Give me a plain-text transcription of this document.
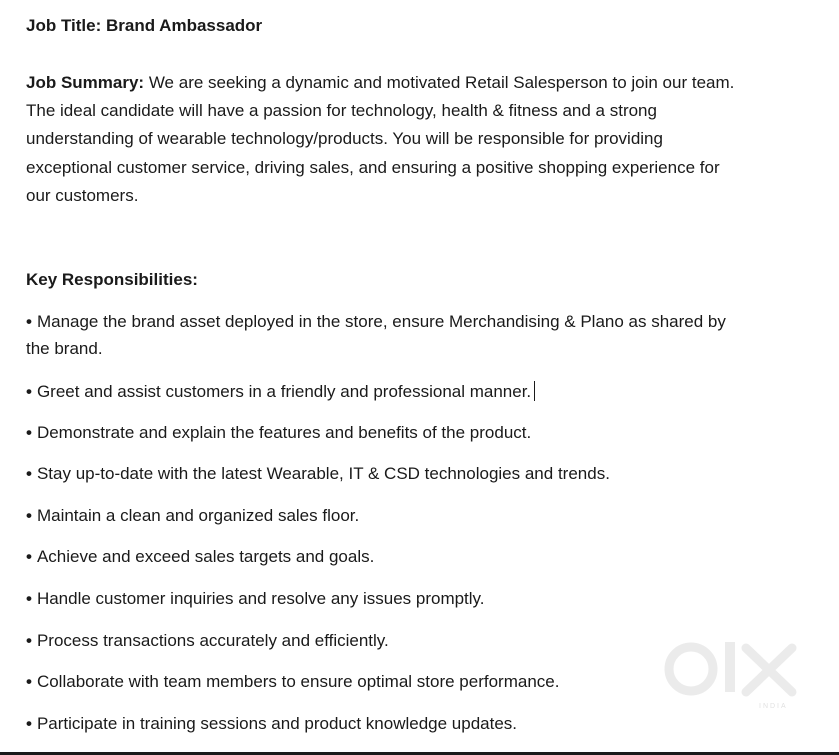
Job Title: Brand Ambassador
Job Summary: We are seeking a dynamic and motivated Retail Salesperson to join our team.
The ideal candidate will have a passion for technology, health & fitness and a strong
understanding of wearable technology/products. You will be responsible for providing
exceptional customer service, driving sales, and ensuring a positive shopping experience for
our customers.
Key Responsibilities:
• Manage the brand asset deployed in the store, ensure Merchandising & Plano as shared by
the brand.
• Greet and assist customers in a friendly and professional manner.
• Demonstrate and explain the features and benefits of the product.
• Stay up-to-date with the latest Wearable, IT & CSD technologies and trends.
• Maintain a clean and organized sales floor.
• Achieve and exceed sales targets and goals.
• Handle customer inquiries and resolve any issues promptly.
• Process transactions accurately and efficiently.
• Collaborate with team members to ensure optimal store performance.
• Participate in training sessions and product knowledge updates.
INDIA
